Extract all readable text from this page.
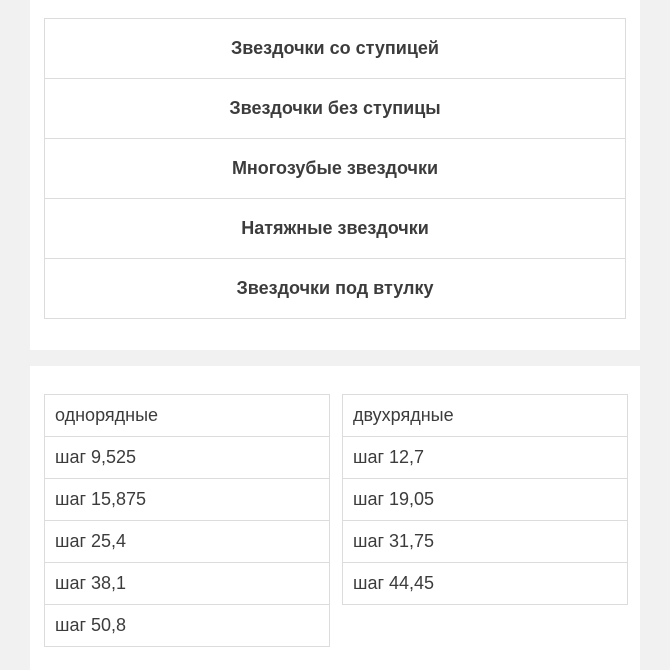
Звездочки со ступицей
Звездочки без ступицы
Многозубые звездочки
Натяжные звездочки
Звездочки под втулку
однорядные
шаг 9,525
шаг 15,875
шаг 25,4
шаг 38,1
шаг 50,8
двухрядные
шаг 12,7
шаг 19,05
шаг 31,75
шаг 44,45
